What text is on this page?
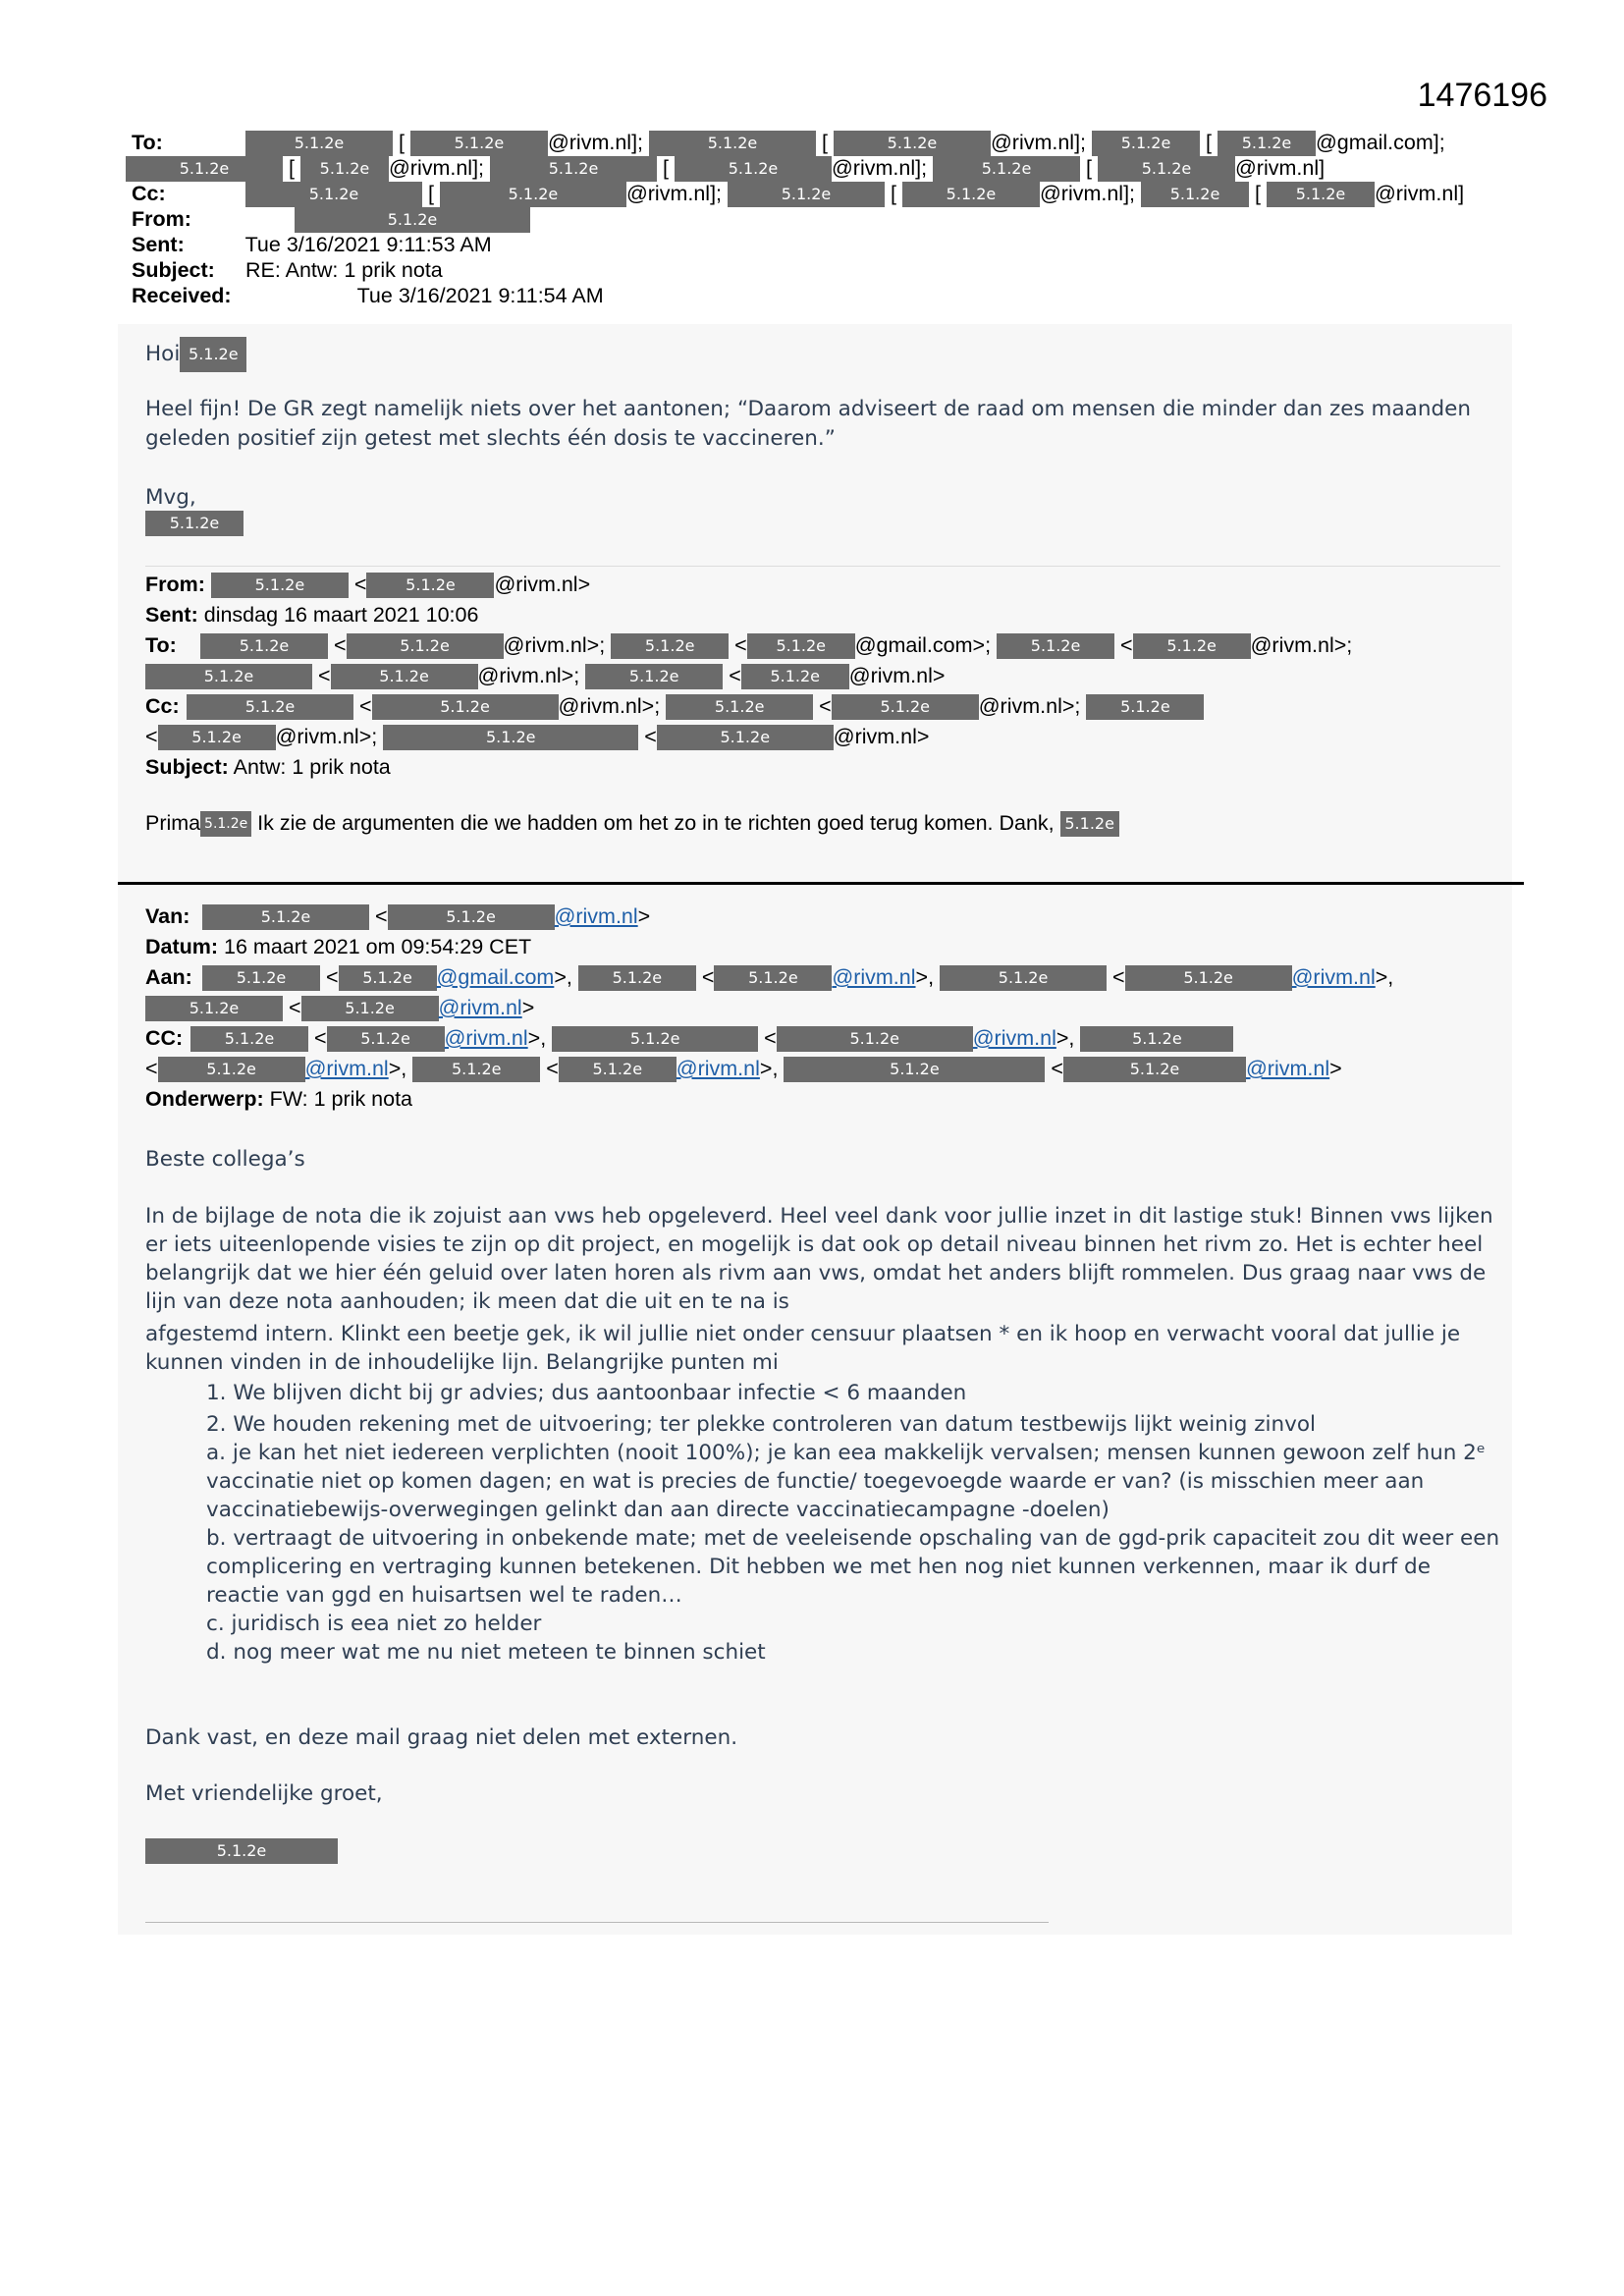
1476196
To:	5.1.2e	[	5.1.2e @rivm.nl];	5.1.2e	[	5.1.2e	@rivm.nl]; 5.1.2e [ 5.1.2e @gmail.com];
5.1.2e	[ 5.1.2e @rivm.nl];	5.1.2e	[	5.1.2e	@rivm.nl];	5.1.2e	[	5.1.2e @rivm.nl]
Cc:	5.1.2e	[	5.1.2e	@rivm.nl];	5.1.2e	[	5.1.2e @rivm.nl]; 5.1.2e [ 5.1.2e @rivm.nl]
From:	5.1.2e
Sent:	Tue 3/16/2021 9:11:53 AM
Subject: RE: Antw: 1 prik nota
Received:	Tue 3/16/2021 9:11:54 AM
Hoi 5.1.2e
Heel fijn! De GR zegt namelijk niets over het aantonen; “Daarom adviseert de raad om mensen die minder dan zes maanden geleden positief zijn getest met slechts één dosis te vaccineren.”
Mvg,
5.1.2e
From:	5.1.2e < 5.1.2e @rivm.nl>
Sent: dinsdag 16 maart 2021 10:06
To:	5.1.2e <	5.1.2e	@rivm.nl>;	5.1.2e < 5.1.2e @gmail.com>;	5.1.2e < 5.1.2e @rivm.nl>;
5.1.2e	<	5.1.2e @rivm.nl>;	5.1.2e < 5.1.2e @rivm.nl>
Cc:	5.1.2e	<	5.1.2e	@rivm.nl>;	5.1.2e	<	5.1.2e @rivm.nl>;	5.1.2e
< 5.1.2e @rivm.nl>;	5.1.2e	<	5.1.2e	@rivm.nl>
Subject: Antw: 1 prik nota
Prima 5.1.2e Ik zie de argumenten die we hadden om het zo in te richten goed terug komen. Dank, 5.1.2e
Van:	5.1.2e	<	5.1.2e	@rivm.nl>
Datum: 16 maart 2021 om 09:54:29 CET
Aan:	5.1.2e < 5.1.2e @gmail.com>,	5.1.2e < 5.1.2e @rivm.nl>,	5.1.2e	<	5.1.2e	@rivm.nl>,
5.1.2e <	5.1.2e @rivm.nl>
CC:	5.1.2e < 5.1.2e @rivm.nl>,	5.1.2e	<	5.1.2e	@rivm.nl>,	5.1.2e
<	5.1.2e @rivm.nl>,	5.1.2e < 5.1.2e @rivm.nl>,	5.1.2e	<	5.1.2e	@rivm.nl>
Onderwerp: FW: 1 prik nota

Beste collega’s

In de bijlage de nota die ik zojuist aan vws heb opgeleverd. Heel veel dank voor jullie inzet in dit lastige stuk! Binnen vws lijken er iets uiteenlopende visies te zijn op dit project, en mogelijk is dat ook op detail niveau binnen het rivm zo. Het is echter heel belangrijk dat we hier één geluid over laten horen als rivm aan vws, omdat het anders blijft rommelen. Dus graag naar vws de lijn van deze nota aanhouden; ik meen dat die uit en te na is

afgestemd intern. Klinkt een beetje gek, ik wil jullie niet onder censuur plaatsen * en ik hoop en verwacht vooral dat jullie je kunnen vinden in de inhoudelijke lijn. Belangrijke punten mi

1. We blijven dicht bij gr advies; dus aantoonbaar infectie < 6 maanden
2. We houden rekening met de uitvoering; ter plekke controleren van datum testbewijs lijkt weinig zinvol

a. je kan het niet iedereen verplichten (nooit 100%); je kan eea makkelijk vervalsen; mensen kunnen gewoon zelf hun 2ᵉ vaccinatie niet op komen dagen; en wat is precies de functie/ toegevoegde waarde er van? (is misschien meer aan vaccinatiebewijs-overwegingen gelinkt dan aan directe vaccinatiecampagne -doelen)

b. vertraagt de uitvoering in onbekende mate; met de veeleisende opschaling van de ggd-prik capaciteit zou dit weer een complicering en vertraging kunnen betekenen. Dit hebben we met hen nog niet kunnen verkennen, maar ik durf de reactie van ggd en huisartsen wel te raden…

c. juridisch is eea niet zo helder

d. nog meer wat me nu niet meteen te binnen schiet

Dank vast, en deze mail graag niet delen met externen.

Met vriendelijke groet,

5.1.2e
